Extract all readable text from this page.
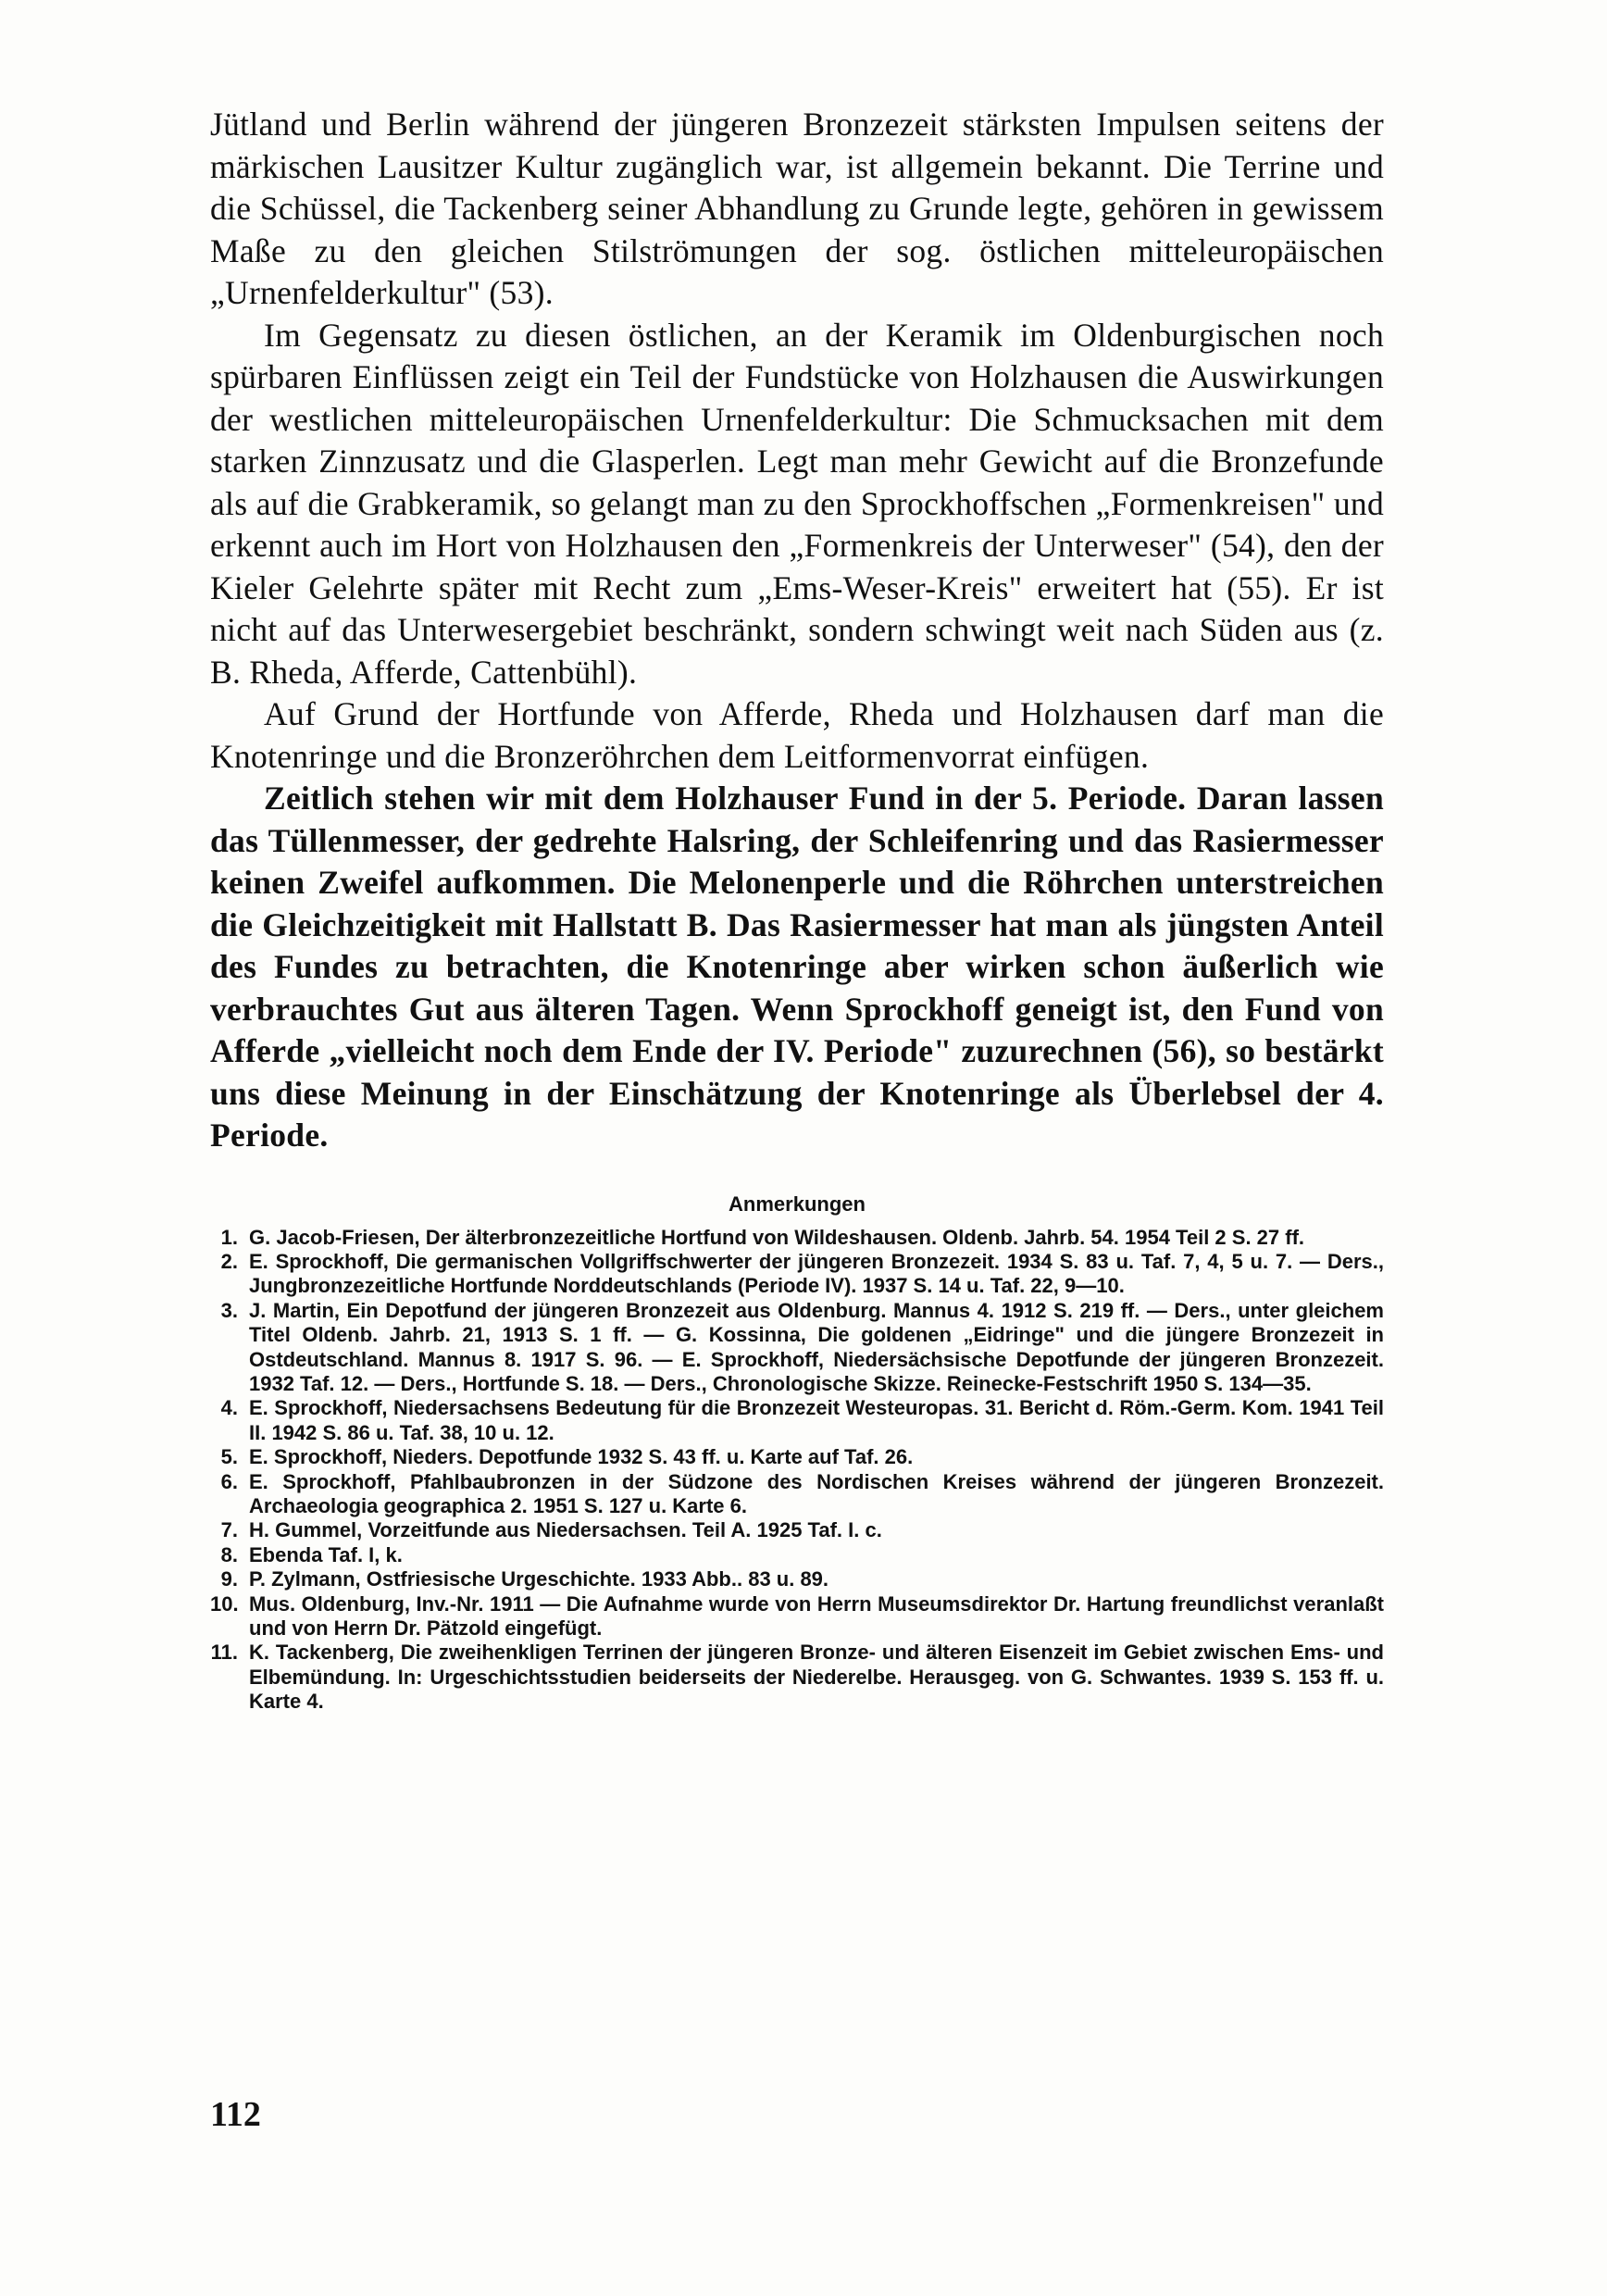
Jütland und Berlin während der jüngeren Bronzezeit stärksten Impulsen seitens der märkischen Lausitzer Kultur zugänglich war, ist allgemein bekannt. Die Terrine und die Schüssel, die Tackenberg seiner Abhandlung zu Grunde legte, gehören in gewissem Maße zu den gleichen Stilströmungen der sog. östlichen mitteleuropäischen „Urnenfelderkultur" (53).

Im Gegensatz zu diesen östlichen, an der Keramik im Oldenburgischen noch spürbaren Einflüssen zeigt ein Teil der Fundstücke von Holzhausen die Auswirkungen der westlichen mitteleuropäischen Urnenfelderkultur: Die Schmucksachen mit dem starken Zinnzusatz und die Glasperlen. Legt man mehr Gewicht auf die Bronzefunde als auf die Grabkeramik, so gelangt man zu den Sprockhoffschen „Formenkreisen" und erkennt auch im Hort von Holzhausen den „Formenkreis der Unterweser" (54), den der Kieler Gelehrte später mit Recht zum „Ems-Weser-Kreis" erweitert hat (55). Er ist nicht auf das Unterwesergebiet beschränkt, sondern schwingt weit nach Süden aus (z. B. Rheda, Afferde, Cattenbühl).

Auf Grund der Hortfunde von Afferde, Rheda und Holzhausen darf man die Knotenringe und die Bronzeröhrchen dem Leitformenvorrat einfügen.

Zeitlich stehen wir mit dem Holzhauser Fund in der 5. Periode. Daran lassen das Tüllenmesser, der gedrehte Halsring, der Schleifenring und das Rasiermesser keinen Zweifel aufkommen. Die Melonenperle und die Röhrchen unterstreichen die Gleichzeitigkeit mit Hallstatt B. Das Rasiermesser hat man als jüngsten Anteil des Fundes zu betrachten, die Knotenringe aber wirken schon äußerlich wie verbrauchtes Gut aus älteren Tagen. Wenn Sprockhoff geneigt ist, den Fund von Afferde „vielleicht noch dem Ende der IV. Periode" zuzurechnen (56), so bestärkt uns diese Meinung in der Einschätzung der Knotenringe als Überlebsel der 4. Periode.

Anmerkungen
1. G. Jacob-Friesen, Der älterbronzezeitliche Hortfund von Wildeshausen. Oldenb. Jahrb. 54. 1954 Teil 2 S. 27 ff.
2. E. Sprockhoff, Die germanischen Vollgriffschwerter der jüngeren Bronzezeit. 1934 S. 83 u. Taf. 7, 4, 5 u. 7. — Ders., Jungbronzezeitliche Hortfunde Norddeutschlands (Periode IV). 1937 S. 14 u. Taf. 22, 9—10.
3. J. Martin, Ein Depotfund der jüngeren Bronzezeit aus Oldenburg. Mannus 4. 1912 S. 219 ff. — Ders., unter gleichem Titel Oldenb. Jahrb. 21, 1913 S. 1 ff. — G. Kossinna, Die goldenen „Eidringe" und die jüngere Bronzezeit in Ostdeutschland. Mannus 8. 1917 S. 96. — E. Sprockhoff, Niedersächsische Depotfunde der jüngeren Bronzezeit. 1932 Taf. 12. — Ders., Hortfunde S. 18. — Ders., Chronologische Skizze. Reinecke-Festschrift 1950 S. 134—35.
4. E. Sprockhoff, Niedersachsens Bedeutung für die Bronzezeit Westeuropas. 31. Bericht d. Röm.-Germ. Kom. 1941 Teil II. 1942 S. 86 u. Taf. 38, 10 u. 12.
5. E. Sprockhoff, Nieders. Depotfunde 1932 S. 43 ff. u. Karte auf Taf. 26.
6. E. Sprockhoff, Pfahlbaubronzen in der Südzone des Nordischen Kreises während der jüngeren Bronzezeit. Archaeologia geographica 2. 1951 S. 127 u. Karte 6.
7. H. Gummel, Vorzeitfunde aus Niedersachsen. Teil A. 1925 Taf. I. c.
8. Ebenda Taf. I, k.
9. P. Zylmann, Ostfriesische Urgeschichte. 1933 Abb.. 83 u. 89.
10. Mus. Oldenburg, Inv.-Nr. 1911 — Die Aufnahme wurde von Herrn Museumsdirektor Dr. Hartung freundlichst veranlaßt und von Herrn Dr. Pätzold eingefügt.
11. K. Tackenberg, Die zweihenkligen Terrinen der jüngeren Bronze- und älteren Eisenzeit im Gebiet zwischen Ems- und Elbemündung. In: Urgeschichtsstudien beiderseits der Niederelbe. Herausgeg. von G. Schwantes. 1939 S. 153 ff. u. Karte 4.
112
